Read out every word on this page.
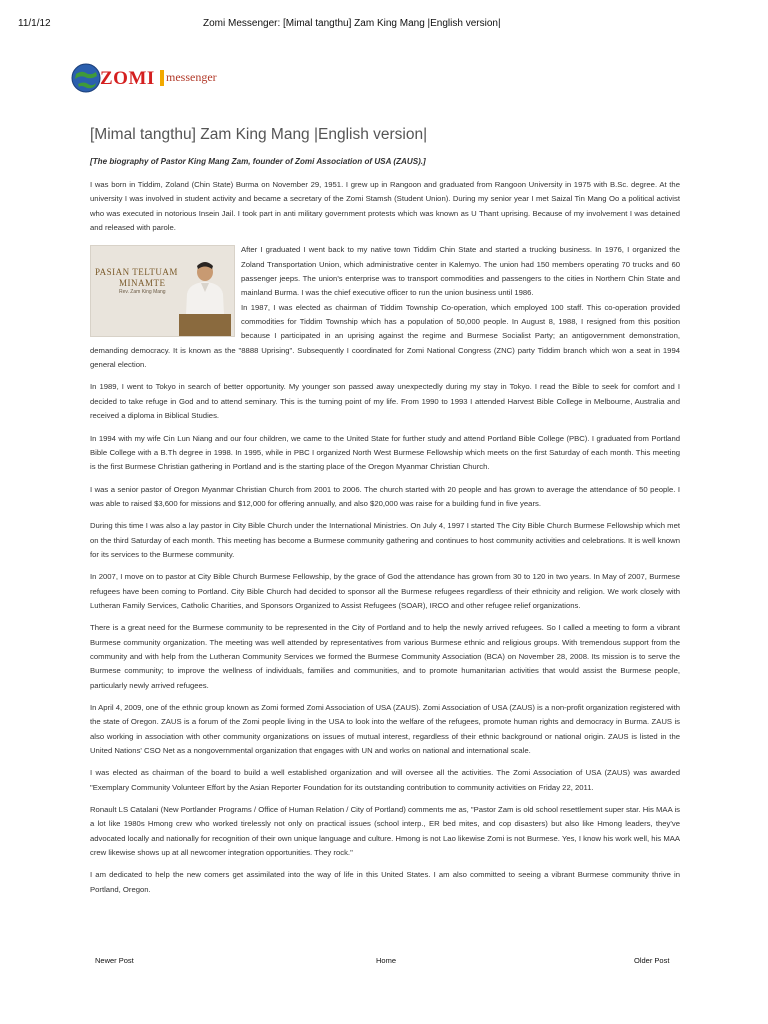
11/1/12	Zomi Messenger: [Mimal tangthu] Zam King Mang |English version|
ZOMI messenger
[Mimal tangthu] Zam King Mang |English version|
[The biography of Pastor King Mang Zam, founder of Zomi Association of USA (ZAUS).]

I was born in Tiddim, Zoland (Chin State) Burma on November 29, 1951. I grew up in Rangoon and graduated from Rangoon University in 1975 with B.Sc. degree. At the university I was involved in student activity and became a secretary of the Zomi Stamsh (Student Union). During my senior year I met Saizal Tin Mang Oo a political activist who was executed in notorious Insein Jail. I took part in anti military government protests which was known as U Thant uprising. Because of my involvement I was detained and released with parole.

PASIAN TELTUAM
MINAMTE
Rev. Zam King Mang

After I graduated I went back to my native town Tiddim Chin State and started a trucking business. In 1976, I organized the Zoland Transportation Union, which administrative center in Kalemyo. The union had 150 members operating 70 trucks and 60 passenger jeeps. The union's enterprise was to transport commodities and passengers to the cities in Northern Chin State and mainland Burma. I was the chief executive officer to run the union business until 1986.

In 1987, I was elected as chairman of Tiddim Township Co-operation, which employed 100 staff. This co-operation provided commodities for Tiddim Township which has a population of 50,000 people. In August 8, 1988, I resigned from this position because I participated in an uprising against the regime and Burmese Socialist Party; an antigovernment demonstration, demanding democracy. It is known as the "8888 Uprising". Subsequently I coordinated for Zomi National Congress (ZNC) party Tiddim branch which won a seat in 1994 general election.

In 1989, I went to Tokyo in search of better opportunity. My younger son passed away unexpectedly during my stay in Tokyo. I read the Bible to seek for comfort and I decided to take refuge in God and to attend seminary. This is the turning point of my life. From 1990 to 1993 I attended Harvest Bible College in Melbourne, Australia and received a diploma in Biblical Studies.

In 1994 with my wife Cin Lun Niang and our four children, we came to the United State for further study and attend Portland Bible College (PBC). I graduated from Portland Bible College with a B.Th degree in 1998. In 1995, while in PBC I organized North West Burmese Fellowship which meets on the first Saturday of each month. This meeting is the first Burmese Christian gathering in Portland and is the starting place of the Oregon Myanmar Christian Church.

I was a senior pastor of Oregon Myanmar Christian Church from 2001 to 2006. The church started with 20 people and has grown to average the attendance of 50 people. I was able to raised $3,600 for missions and $12,000 for offering annually, and also $20,000 was raise for a building fund in five years.

During this time I was also a lay pastor in City Bible Church under the International Ministries. On July 4, 1997 I started The City Bible Church Burmese Fellowship which met on the third Saturday of each month. This meeting has become a Burmese community gathering and continues to host community activities and celebrations. It is well known for its services to the Burmese community.

In 2007, I move on to pastor at City Bible Church Burmese Fellowship, by the grace of God the attendance has grown from 30 to 120 in two years. In May of 2007, Burmese refugees have been coming to Portland. City Bible Church had decided to sponsor all the Burmese refugees regardless of their ethnicity and religion. We work closely with Lutheran Family Services, Catholic Charities, and Sponsors Organized to Assist Refugees (SOAR), IRCO and other refugee relief organizations.

There is a great need for the Burmese community to be represented in the City of Portland and to help the newly arrived refugees. So I called a meeting to form a vibrant Burmese community organization. The meeting was well attended by representatives from various Burmese ethnic and religious groups. With tremendous support from the community and with help from the Lutheran Community Services we formed the Burmese Community Association (BCA) on November 28, 2008. Its mission is to serve the Burmese community; to improve the wellness of individuals, families and communities, and to promote humanitarian activities that would assist the Burmese people, particularly newly arrived refugees.

In April 4, 2009, one of the ethnic group known as Zomi formed Zomi Association of USA (ZAUS). Zomi Association of USA (ZAUS) is a non-profit organization registered with the state of Oregon. ZAUS is a forum of the Zomi people living in the USA to look into the welfare of the refugees, promote human rights and democracy in Burma. ZAUS is also working in association with other community organizations on issues of mutual interest, regardless of their ethnic background or national origin. ZAUS is listed in the United Nations' CSO Net as a nongovernmental organization that engages with UN and works on national and international scale.

I was elected as chairman of the board to build a well established organization and will oversee all the activities. The Zomi Association of USA (ZAUS) was awarded "Exemplary Community Volunteer Effort by the Asian Reporter Foundation for its outstanding contribution to community activities on Friday 22, 2011.

Ronault LS Catalani (New Portlander Programs / Office of Human Relation / City of Portland) comments me as, "Pastor Zam is old school resettlement super star. His MAA is a lot like 1980s Hmong crew who worked tirelessly not only on practical issues (school interp., ER bed mites, and cop disasters) but also like Hmong leaders, they've advocated locally and nationally for recognition of their own unique language and culture. Hmong is not Lao likewise Zomi is not Burmese. Yes, I know his work well, his MAA crew likewise shows up at all newcomer integration opportunities. They rock."

I am dedicated to help the new comers get assimilated into the way of life in this United States. I am also committed to seeing a vibrant Burmese community thrive in Portland, Oregon.

Newer Post	Home	Older Post
